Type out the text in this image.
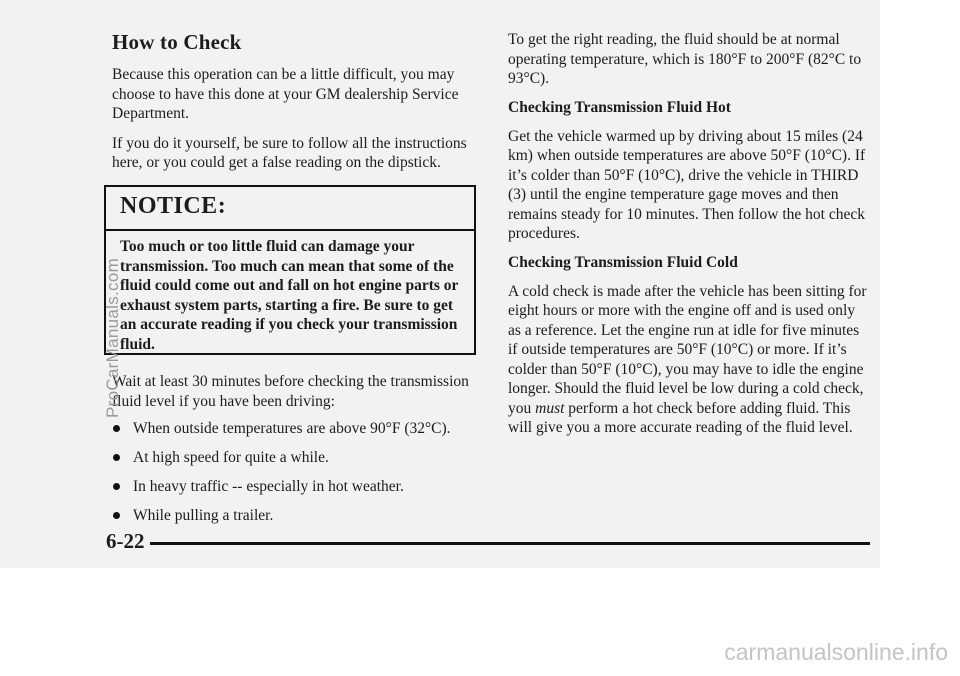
How to Check

Because this operation can be a little difficult, you may choose to have this done at your GM dealership Service Department.

If you do it yourself, be sure to follow all the instructions here, or you could get a false reading on the dipstick.

NOTICE:
Too much or too little fluid can damage your transmission. Too much can mean that some of the fluid could come out and fall on hot engine parts or exhaust system parts, starting a fire. Be sure to get an accurate reading if you check your transmission fluid.

Wait at least 30 minutes before checking the transmission fluid level if you have been driving:

When outside temperatures are above 90°F (32°C).
At high speed for quite a while.
In heavy traffic -- especially in hot weather.
While pulling a trailer.

To get the right reading, the fluid should be at normal operating temperature, which is 180°F to 200°F (82°C to 93°C).

Checking Transmission Fluid Hot

Get the vehicle warmed up by driving about 15 miles (24 km) when outside temperatures are above 50°F (10°C). If it’s colder than 50°F (10°C), drive the vehicle in THIRD (3) until the engine temperature gage moves and then remains steady for 10 minutes. Then follow the hot check procedures.

Checking Transmission Fluid Cold

A cold check is made after the vehicle has been sitting for eight hours or more with the engine off and is used only as a reference. Let the engine run at idle for five minutes if outside temperatures are 50°F (10°C) or more. If it’s colder than 50°F (10°C), you may have to idle the engine longer. Should the fluid level be low during a cold check, you must perform a hot check before adding fluid. This will give you a more accurate reading of the fluid level.

6-22
ProCarManuals.com
carmanualsonline.info
